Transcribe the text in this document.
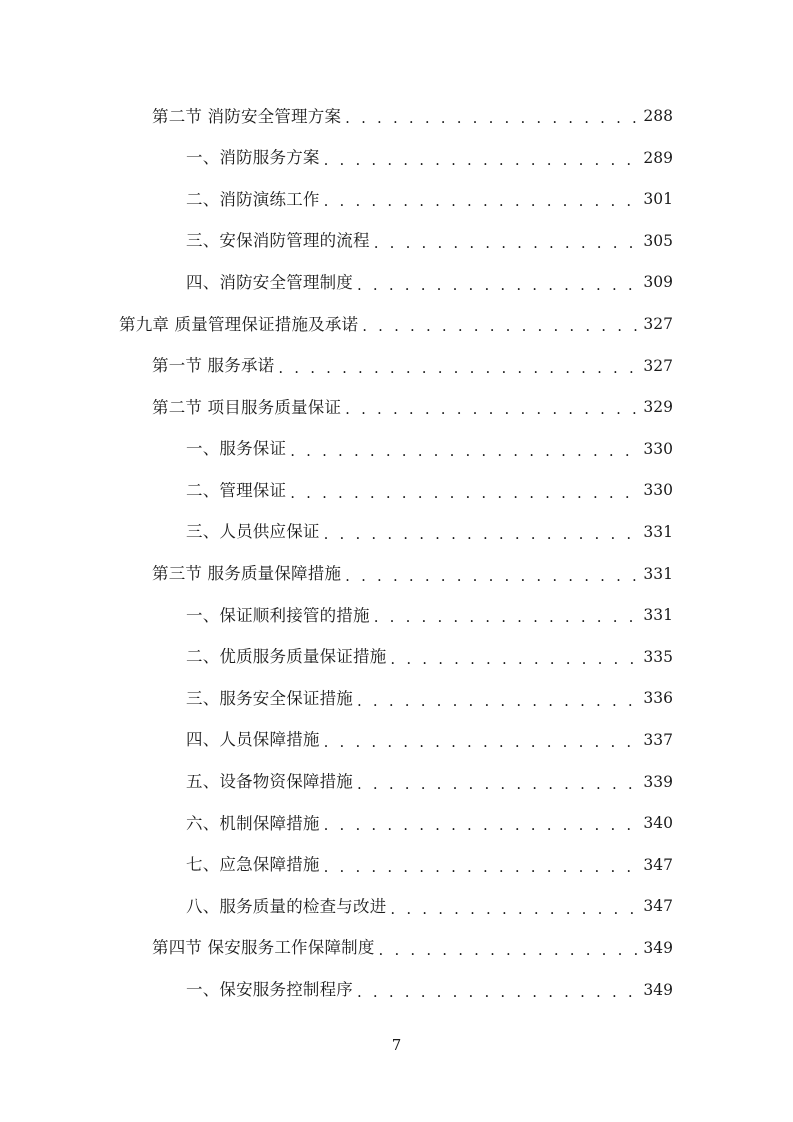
第二节 消防安全管理方案 . . .	288
一、消防服务方案 . . .	289
二、消防演练工作 . . .	301
三、安保消防管理的流程 . . .	305
四、消防安全管理制度 . . .	309
第九章 质量管理保证措施及承诺 . . .	327
第一节 服务承诺 . . .	327
第二节 项目服务质量保证 . . .	329
一、服务保证 . . .	330
二、管理保证 . . .	330
三、人员供应保证 . . .	331
第三节 服务质量保障措施 . . .	331
一、保证顺利接管的措施 . . .	331
二、优质服务质量保证措施 . . .	335
三、服务安全保证措施 . . .	336
四、人员保障措施 . . .	337
五、设备物资保障措施 . . .	339
六、机制保障措施 . . .	340
七、应急保障措施 . . .	347
八、服务质量的检查与改进 . . .	347
第四节 保安服务工作保障制度 . . .	349
一、保安服务控制程序 . . .	349
7
